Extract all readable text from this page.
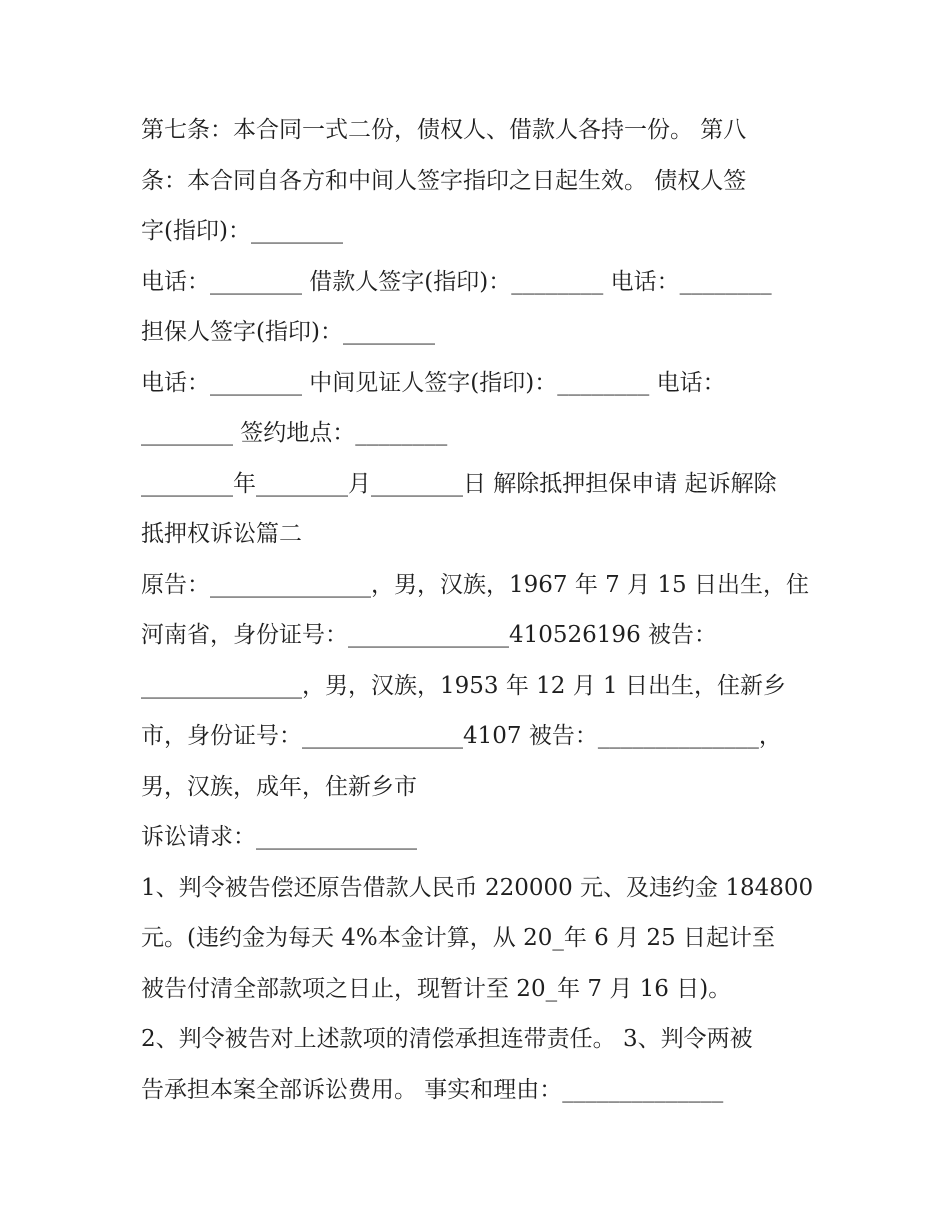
第七条：本合同一式二份，债权人、借款人各持一份。 第八
条：本合同自各方和中间人签字指印之日起生效。 债权人签
字(指印)：________
电话：________ 借款人签字(指印)：________ 电话：________
担保人签字(指印)：________
电话：________ 中间见证人签字(指印)：________ 电话：
________ 签约地点：________
________年________月________日 解除抵押担保申请 起诉解除
抵押权诉讼篇二
原告：______________，男，汉族，1967 年 7 月 15 日出生，住
河南省，身份证号：______________410526196 被告：
______________，男，汉族，1953 年 12 月 1 日出生，住新乡
市，身份证号：______________4107 被告：______________，
男，汉族，成年，住新乡市
诉讼请求：______________
1、判令被告偿还原告借款人民币 220000 元、及违约金 184800
元。(违约金为每天 4%本金计算，从 20_年 6 月 25 日起计至
被告付清全部款项之日止，现暂计至 20_年 7 月 16 日)。
2、判令被告对上述款项的清偿承担连带责任。 3、判令两被
告承担本案全部诉讼费用。 事实和理由：______________
